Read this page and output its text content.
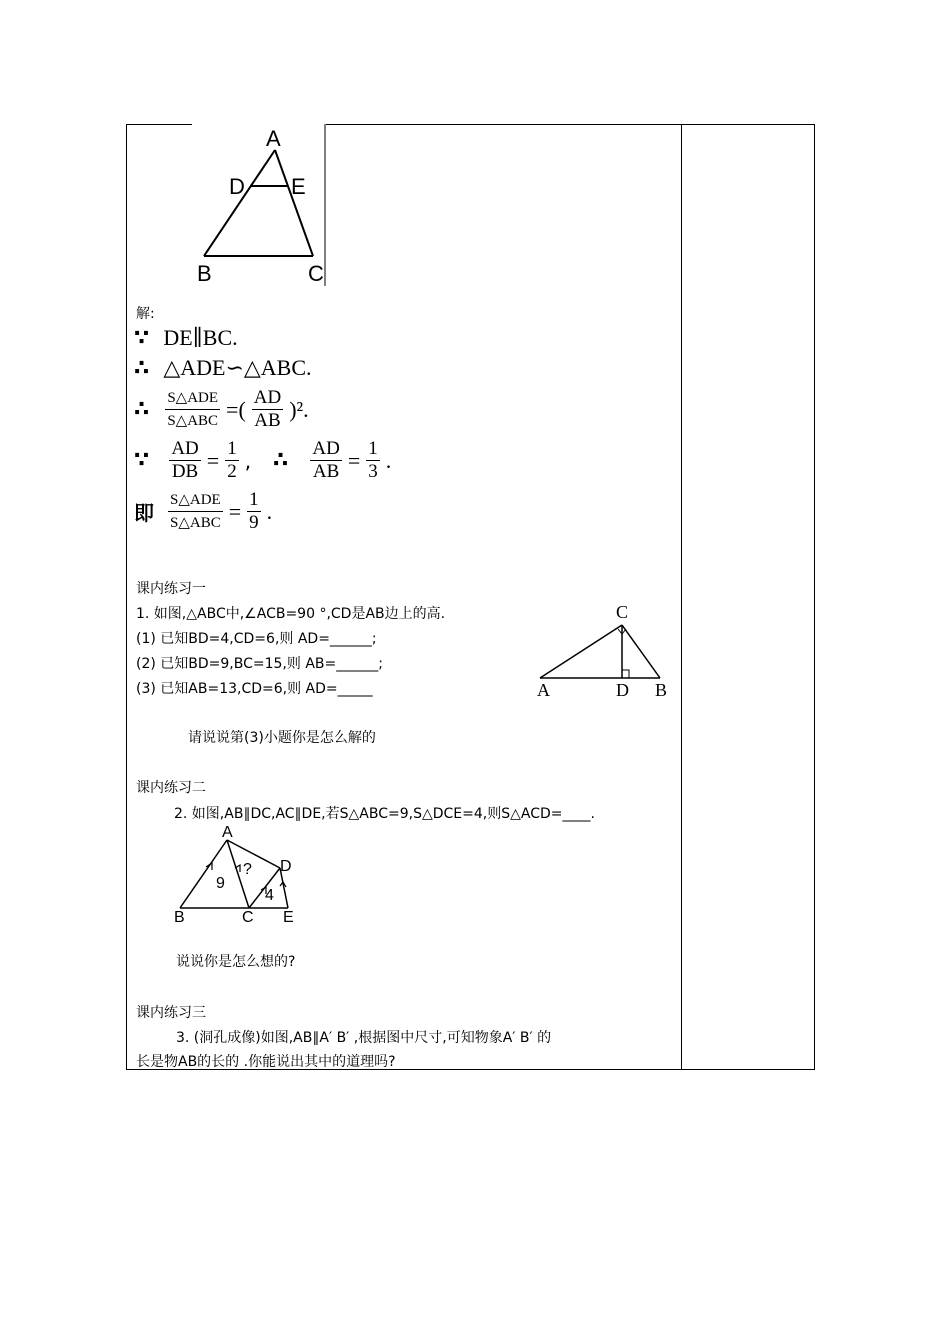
A
D E
B	C
解:
∵ DE∥BC.
∴ △ADE∽△ABC.
∴ $\frac{\text{S△ADE}}{\text{S△ABC}}$ =( $\frac{AD}{AB} )^2$.
∵ $\frac{AD}{DB} = \frac{1}{2}$ , ∴ $\frac{AD}{AB} = \frac{1}{3}$ .
即 $\frac{\text{S△ADE}}{\text{S△ABC}} = \frac{1}{9}$ .
课内练习一
1. 如图,△ABC中,∠ACB=90 °,CD是AB边上的高.
(1) 已知BD=4,CD=6,则 AD=______;
(2) 已知BD=9,BC=15,则 AB=______;
(3) 已知AB=13,CD=6,则 AD=_____
请说说第(3)小题你是怎么解的
C
A	D B
课内练习二
2. 如图,AB∥DC,AC∥DE,若S△ABC=9,S△DCE=4,则S△ACD=____.
A
D
B	C E
9
?
4
说说你是怎么想的?
课内练习三
3. (洞孔成像)如图,AB∥A′ B′ ,根据图中尺寸,可知物象A′ B′ 的
长是物AB的长的 .你能说出其中的道理吗?
